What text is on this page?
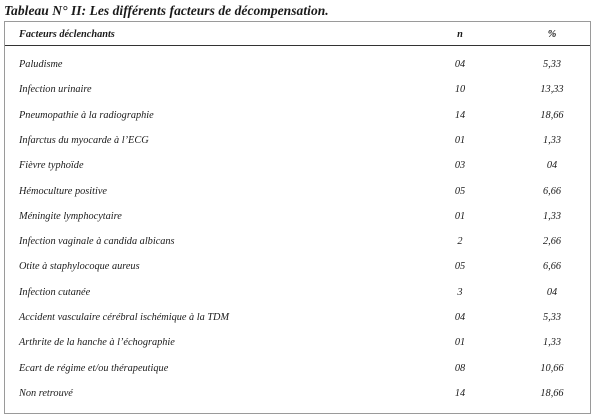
Tableau N° II: Les différents facteurs de décompensation.
Facteurs déclenchants	n	%
Paludisme	04	5,33
Infection urinaire	10	13,33
Pneumopathie à la radiographie	14	18,66
Infarctus du myocarde à l’ECG	01	1,33
Fièvre typhoïde	03	04
Hémoculture positive	05	6,66
Méningite lymphocytaire	01	1,33
Infection vaginale à candida albicans	2	2,66
Otite à staphylocoque aureus	05	6,66
Infection cutanée	3	04
Accident vasculaire cérébral ischémique à la TDM	04	5,33
Arthrite de la hanche à l’échographie	01	1,33
Ecart de régime et/ou thérapeutique	08	10,66
Non retrouvé	14	18,66
